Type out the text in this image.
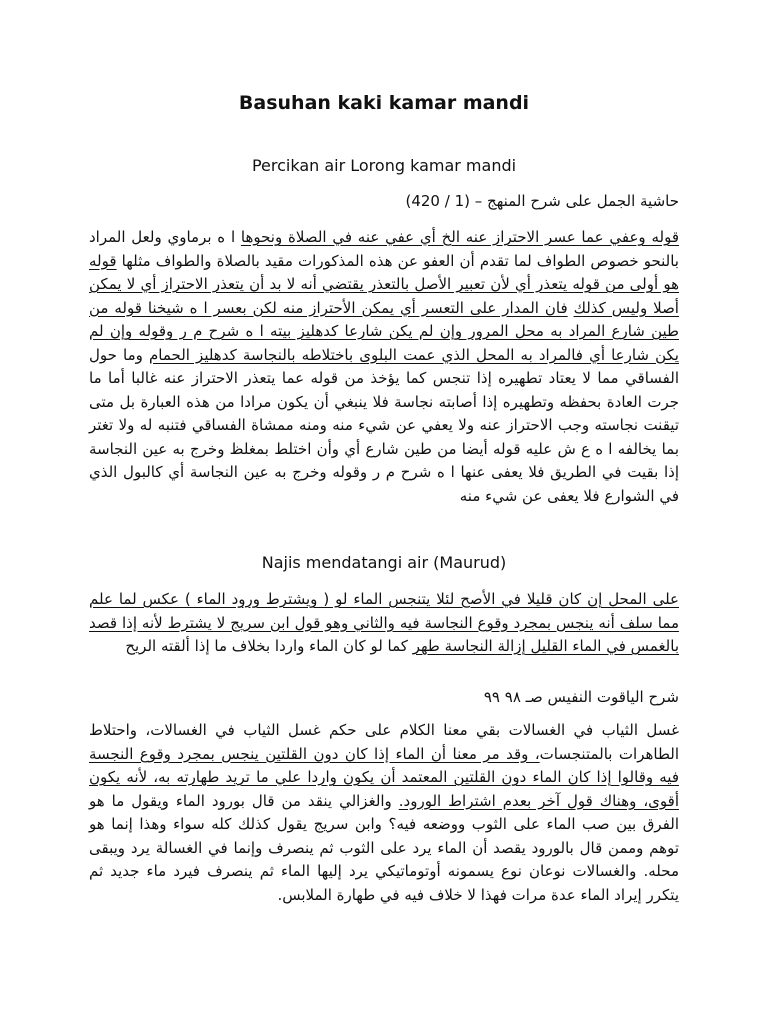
Basuhan kaki kamar mandi

Percikan air Lorong kamar mandi

حاشية الجمل على شرح المنهج – (1 / 420)

قوله وعفي عما عسر الاحتراز عنه الخ أي عفي عنه في الصلاة ونحوها ا ه برماوي ولعل المراد بالنحو خصوص الطواف لما تقدم أن العفو عن هذه المذكورات مقيد بالصلاة والطواف مثلها قوله هو أولى من قوله يتعذر أي لأن تعبير الأصل بالتعذر يقتضي أنه لا بد أن يتعذر الاحتراز أي لا يمكن أصلا وليس كذلك فان المدار على التعسر أي يمكن الأحتراز منه لكن بعسر ا ه شيخنا قوله من طين شارع المراد به محل المرور وإن لم يكن شارعا كدهليز بيته ا ه شرح م ر وقوله وإن لم يكن شارعا أي فالمراد به المحل الذي عمت البلوى باختلاطه بالنجاسة كدهليز الحمام وما حول الفساقي مما لا يعتاد تطهيره إذا تنجس كما يؤخذ من قوله عما يتعذر الاحتراز عنه غالبا أما ما جرت العادة بحفظه وتطهيره إذا أصابته نجاسة فلا ينبغي أن يكون مرادا من هذه العبارة بل متى تيقنت نجاسته وجب الاحتراز عنه ولا يعفي عن شيء منه ومنه ممشاة الفساقي فتنبه له ولا تغتر بما يخالفه ا ه ع ش عليه قوله أيضا من طين شارع أي وأن اختلط بمغلظ وخرج به عين النجاسة إذا بقيت في الطريق فلا يعفى عنها ا ه شرح م ر وقوله وخرج به عين النجاسة أي كالبول الذي في الشوارع فلا يعفى عن شيء منه

Najis mendatangi air (Maurud)

على المحل إن كان قليلا في الأصح لئلا يتنجس الماء لو ( ويشترط ورود الماء ) عكس لما علم مما سلف أنه ينجس بمجرد وقوع النجاسة فيه والثاني وهو قول ابن سريج لا يشترط لأنه إذا قصد بالغمس في الماء القليل إزالة النجاسة طهر كما لو كان الماء واردا بخلاف ما إذا ألقته الريح

شرح الياقوت النفيس صـ ٩٨ ٩٩

غسل الثياب في الغسالات بقي معنا الكلام على حكم غسل الثياب في الغسالات، واحتلاط الطاهرات بالمتنجسات، وقد مر معنا أن الماء إذا كان دون القلتين ينجس بمجرد وقوع النجسة فيه وقالوا إذا كان الماء دون القلتين المعتمد أن يكون واردا علي ما تريد طهارته به، لأنه يكون أقوى، وهناك قول آخر بعدم اشتراط الورود. والغزالي ينقد من قال بورود الماء ويقول ما هو الفرق بين صب الماء على الثوب ووضعه فيه؟ وابن سريج يقول كذلك كله سواء وهذا إنما هو توهم وممن قال بالورود يقصد أن الماء يرد على الثوب ثم ينصرف وإنما في الغسالة يرد ويبقى محله. والغسالات نوعان نوع يسمونه أوتوماتيكي يرد إليها الماء ثم ينصرف فيرد ماء جديد ثم يتكرر إيراد الماء عدة مرات فهذا لا خلاف فيه في طهارة الملابس.
